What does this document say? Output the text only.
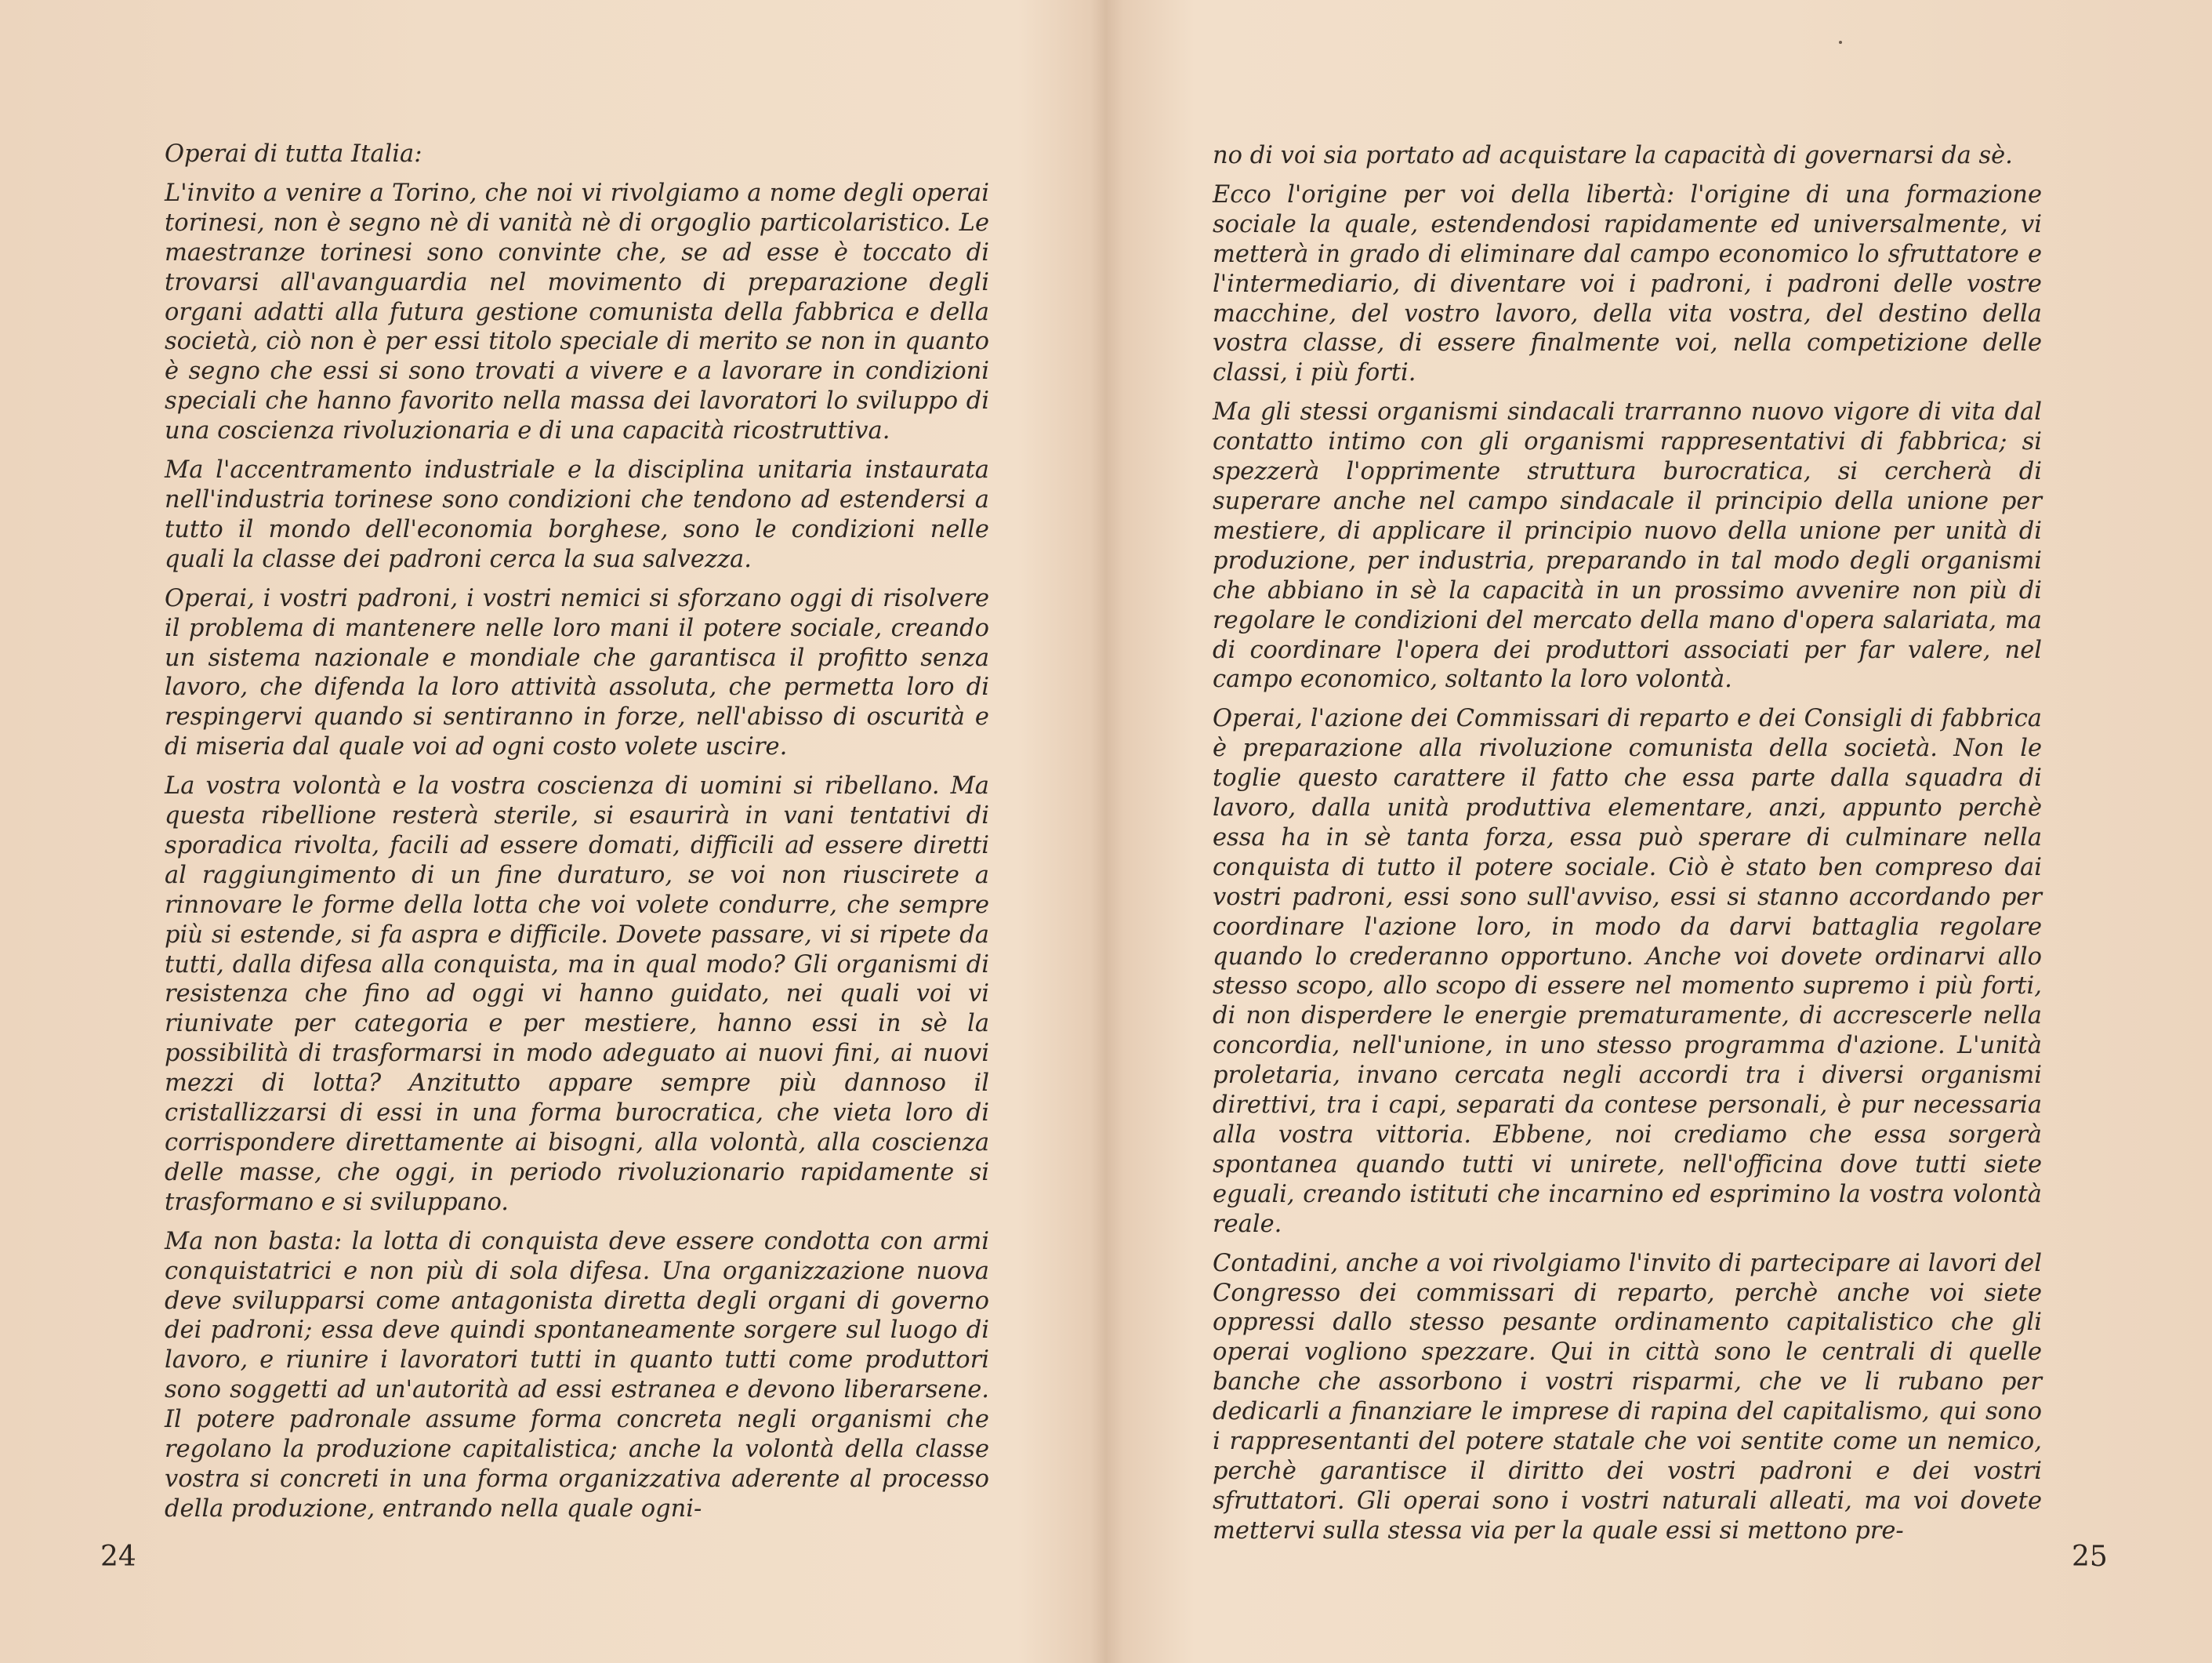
Operai di tutta Italia:

L'invito a venire a Torino, che noi vi rivolgiamo a nome degli operai torinesi, non è segno nè di vanità nè di orgoglio particolaristico. Le maestranze torinesi sono convinte che, se ad esse è toccato di trovarsi all'avanguardia nel movimento di preparazione degli organi adatti alla futura gestione comunista della fabbrica e della società, ciò non è per essi titolo speciale di merito se non in quanto è segno che essi si sono trovati a vivere e a lavorare in condizioni speciali che hanno favorito nella massa dei lavoratori lo sviluppo di una coscienza rivoluzionaria e di una capacità ricostruttiva.

Ma l'accentramento industriale e la disciplina unitaria instaurata nell'industria torinese sono condizioni che tendono ad estendersi a tutto il mondo dell'economia borghese, sono le condizioni nelle quali la classe dei padroni cerca la sua salvezza.

Operai, i vostri padroni, i vostri nemici si sforzano oggi di risolvere il problema di mantenere nelle loro mani il potere sociale, creando un sistema nazionale e mondiale che garantisca il profitto senza lavoro, che difenda la loro attività assoluta, che permetta loro di respingervi quando si sentiranno in forze, nell'abisso di oscurità e di miseria dal quale voi ad ogni costo volete uscire.

La vostra volontà e la vostra coscienza di uomini si ribellano. Ma questa ribellione resterà sterile, si esaurirà in vani tentativi di sporadica rivolta, facili ad essere domati, difficili ad essere diretti al raggiungimento di un fine duraturo, se voi non riuscirete a rinnovare le forme della lotta che voi volete condurre, che sempre più si estende, si fa aspra e difficile. Dovete passare, vi si ripete da tutti, dalla difesa alla conquista, ma in qual modo? Gli organismi di resistenza che fino ad oggi vi hanno guidato, nei quali voi vi riunivate per categoria e per mestiere, hanno essi in sè la possibilità di trasformarsi in modo adeguato ai nuovi fini, ai nuovi mezzi di lotta? Anzitutto appare sempre più dannoso il cristallizzarsi di essi in una forma burocratica, che vieta loro di corrispondere direttamente ai bisogni, alla volontà, alla coscienza delle masse, che oggi, in periodo rivoluzionario rapidamente si trasformano e si sviluppano.

Ma non basta: la lotta di conquista deve essere condotta con armi conquistatrici e non più di sola difesa. Una organizzazione nuova deve svilupparsi come antagonista diretta degli organi di governo dei padroni; essa deve quindi spontaneamente sorgere sul luogo di lavoro, e riunire i lavoratori tutti in quanto tutti come produttori sono soggetti ad un'autorità ad essi estranea e devono liberarsene. Il potere padronale assume forma concreta negli organismi che regolano la produzione capitalistica; anche la volontà della classe vostra si concreti in una forma organizzativa aderente al processo della produzione, entrando nella quale ogni‑

24

no di voi sia portato ad acquistare la capacità di governarsi da sè.

Ecco l'origine per voi della libertà: l'origine di una formazione sociale la quale, estendendosi rapidamente ed universalmente, vi metterà in grado di eliminare dal campo economico lo sfruttatore e l'intermediario, di diventare voi i padroni, i padroni delle vostre macchine, del vostro lavoro, della vita vostra, del destino della vostra classe, di essere finalmente voi, nella competizione delle classi, i più forti.

Ma gli stessi organismi sindacali trarranno nuovo vigore di vita dal contatto intimo con gli organismi rappresentativi di fabbrica; si spezzerà l'opprimente struttura burocratica, si cercherà di superare anche nel campo sindacale il principio della unione per mestiere, di applicare il principio nuovo della unione per unità di produzione, per industria, preparando in tal modo degli organismi che abbiano in sè la capacità in un prossimo avvenire non più di regolare le condizioni del mercato della mano d'opera salariata, ma di coordinare l'opera dei produttori associati per far valere, nel campo economico, soltanto la loro volontà.

Operai, l'azione dei Commissari di reparto e dei Consigli di fabbrica è preparazione alla rivoluzione comunista della società. Non le toglie questo carattere il fatto che essa parte dalla squadra di lavoro, dalla unità produttiva elementare, anzi, appunto perchè essa ha in sè tanta forza, essa può sperare di culminare nella conquista di tutto il potere sociale. Ciò è stato ben compreso dai vostri padroni, essi sono sull'avviso, essi si stanno accordando per coordinare l'azione loro, in modo da darvi battaglia regolare quando lo crederanno opportuno. Anche voi dovete ordinarvi allo stesso scopo, allo scopo di essere nel momento supremo i più forti, di non disperdere le energie prematuramente, di accrescerle nella concordia, nell'unione, in uno stesso programma d'azione. L'unità proletaria, invano cercata negli accordi tra i diversi organismi direttivi, tra i capi, separati da contese personali, è pur necessaria alla vostra vittoria. Ebbene, noi crediamo che essa sorgerà spontanea quando tutti vi unirete, nell'officina dove tutti siete eguali, creando istituti che incarnino ed esprimino la vostra volontà reale.

Contadini, anche a voi rivolgiamo l'invito di partecipare ai lavori del Congresso dei commissari di reparto, perchè anche voi siete oppressi dallo stesso pesante ordinamento capitalistico che gli operai vogliono spezzare. Qui in città sono le centrali di quelle banche che assorbono i vostri risparmi, che ve li rubano per dedicarli a finanziare le imprese di rapina del capitalismo, qui sono i rappresentanti del potere statale che voi sentite come un nemico, perchè garantisce il diritto dei vostri padroni e dei vostri sfruttatori. Gli operai sono i vostri naturali alleati, ma voi dovete mettervi sulla stessa via per la quale essi si mettono pre‑

25
